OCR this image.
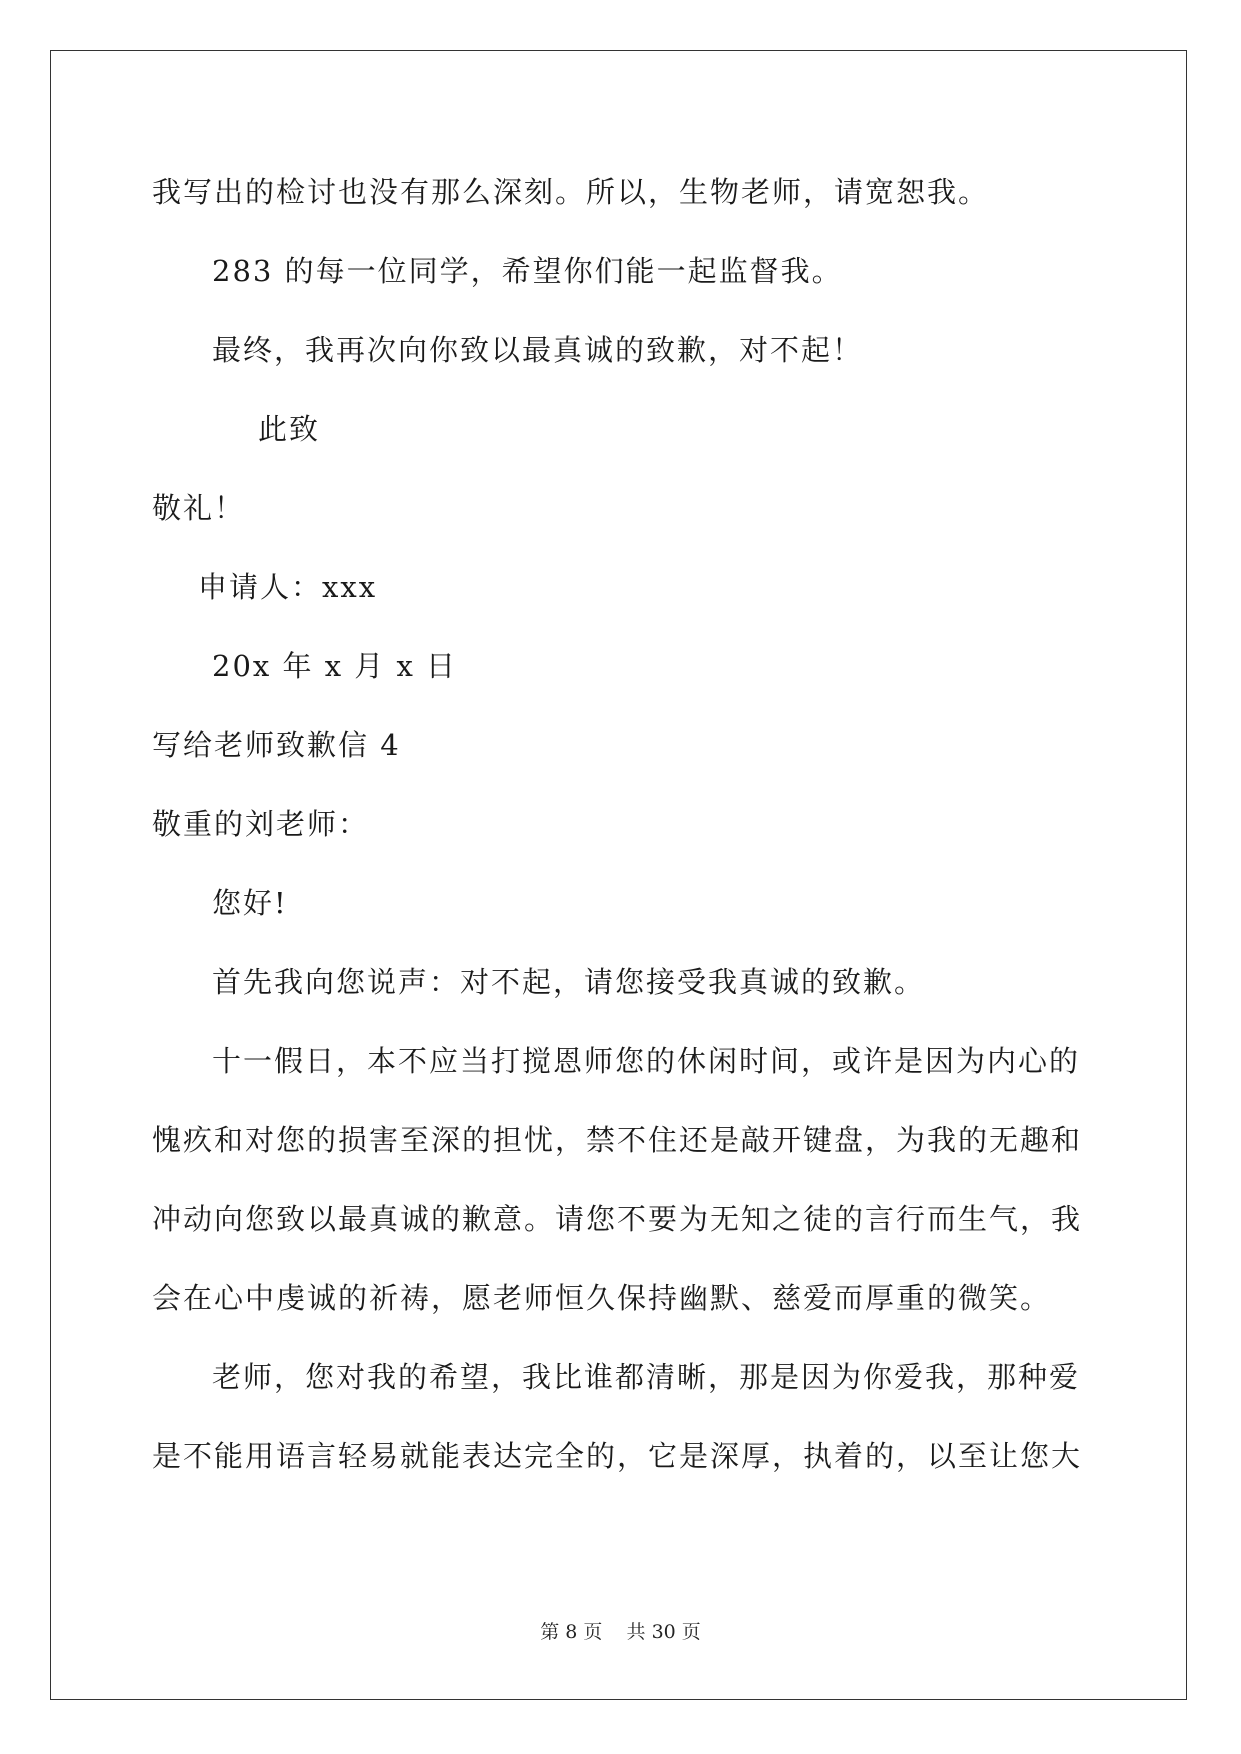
我写出的检讨也没有那么深刻。所以，生物老师，请宽恕我。
283 的每一位同学，希望你们能一起监督我。
最终，我再次向你致以最真诚的致歉，对不起！
此致
敬礼！
申请人：xxx
20x 年 x 月 x 日
写给老师致歉信 4
敬重的刘老师：
您好!
首先我向您说声：对不起，请您接受我真诚的致歉。
十一假日，本不应当打搅恩师您的休闲时间，或许是因为内心的
愧疚和对您的损害至深的担忧，禁不住还是敲开键盘，为我的无趣和
冲动向您致以最真诚的歉意。请您不要为无知之徒的言行而生气，我
会在心中虔诚的祈祷，愿老师恒久保持幽默、慈爱而厚重的微笑。
老师，您对我的希望，我比谁都清晰，那是因为你爱我，那种爱
是不能用语言轻易就能表达完全的，它是深厚，执着的，以至让您大
第 8 页    共 30 页
